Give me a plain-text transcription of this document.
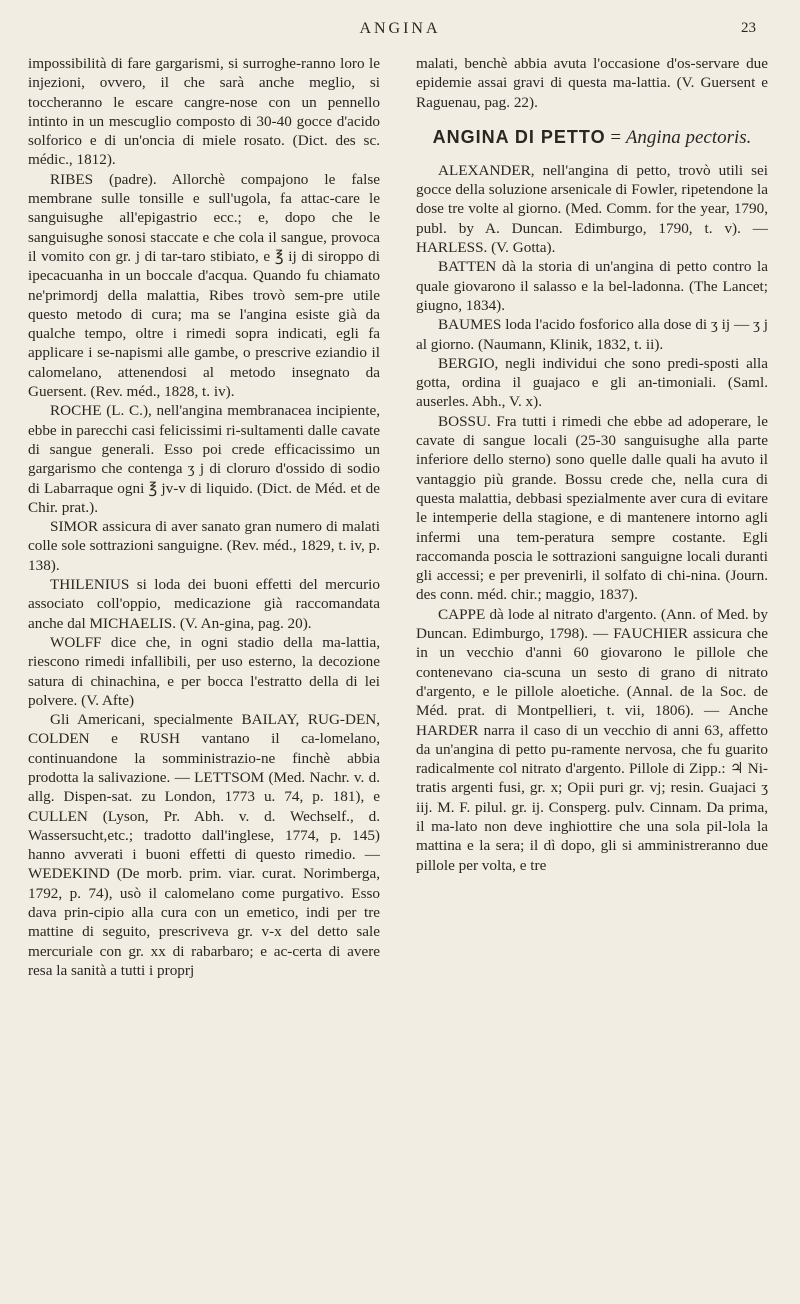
ANGINA	23

impossibilità di fare gargarismi, si surroghe-ranno loro le injezioni, ovvero, il che sarà anche meglio, si toccheranno le escare cangre-nose con un pennello intinto in un mescuglio composto di 30-40 gocce d'acido solforico e di un'oncia di miele rosato. (Dict. des sc. médic., 1812).

RIBES (padre). Allorchè compajono le false membrane sulle tonsille e sull'ugola, fa attac-care le sanguisughe all'epigastrio ecc.; e, dopo che le sanguisughe sonosi staccate e che cola il sangue, provoca il vomito con gr. j di tar-taro stibiato, e ℥ ij di siroppo di ipecacuanha in un boccale d'acqua. Quando fu chiamato ne'primordj della malattia, Ribes trovò sem-pre utile questo metodo di cura; ma se l'angina esiste già da qualche tempo, oltre i rimedi sopra indicati, egli fa applicare i se-napismi alle gambe, o prescrive eziandio il calomelano, attenendosi al metodo insegnato da Guersent. (Rev. méd., 1828, t. iv).

ROCHE (L. C.), nell'angina membranacea incipiente, ebbe in parecchi casi felicissimi ri-sultamenti dalle cavate di sangue generali. Esso poi crede efficacissimo un gargarismo che contenga ʒ j di clorurо d'ossido di sodio di Labarraque ogni ℥ jv-v di liquido. (Dict. de Méd. et de Chir. prat.).

SIMOR assicura di aver sanato gran numero di malati colle sole sottrazioni sanguigne. (Rev. méd., 1829, t. iv, p. 138).

THILENIUS si loda dei buoni effetti del mercurio associato coll'oppio, medicazione già raccomandata anche dal MICHAELIS. (V. An-gina, pag. 20).

WOLFF dice che, in ogni stadio della ma-lattia, riescono rimedi infallibili, per uso esterno, la decozione satura di chinachina, e per bocca l'estratto della di lei polvere. (V. Afte)

Gli Americani, specialmente BAILAY, RUG-DEN, COLDEN e RUSH vantano il ca-lomelano, continuandone la somministrazio-ne finchè abbia prodotta la salivazione. — LETTSOM (Med. Nachr. v. d. allg. Dispen-sat. zu London, 1773 u. 74, p. 181), e CULLEN (Lyson, Pr. Abh. v. d. Wechself., d. Wassersucht,etc.; tradotto dall'inglese, 1774, p. 145) hanno avverati i buoni effetti di questo rimedio. — WEDEKIND (De morb. prim. viar. curat. Norimberga, 1792, p. 74), usò il calomelano come purgativo. Esso dava prin-cipio alla cura con un emetico, indi per tre mattine di seguito, prescriveva gr. v-x del detto sale mercuriale con gr. xx di rabarbaro; e ac-certa di avere resa la sanità a tutti i proprj

malati, benchè abbia avuta l'occasione d'os-servare due epidemie assai gravi di questa ma-lattia. (V. Guersent e Raguenau, pag. 22).

ANGINA DI PETTO = Angina pectoris.

ALEXANDER, nell'angina di petto, trovò utili sei gocce della soluzione arsenicale di Fowler, ripetendone la dose tre volte al giorno. (Med. Comm. for the year, 1790, publ. by A. Duncan. Edimburgo, 1790, t. v). — HARLESS. (V. Gotta).

BATTEN dà la storia di un'angina di petto contro la quale giovarono il salasso e la bel-ladonna. (The Lancet; giugno, 1834).

BAUMES loda l'acido fosforico alla dose di ʒ ij — ʒ j al giorno. (Naumann, Klinik, 1832, t. ii).

BERGIO, negli individui che sono predi-sposti alla gotta, ordina il guajaco e gli an-timoniali. (Saml. auserles. Abh., V. x).

BOSSU. Fra tutti i rimedi che ebbe ad adoperare, le cavate di sangue locali (25-30 sanguisughe alla parte inferiore dello sterno) sono quelle dalle quali ha avuto il vantaggio più grande. Bossu crede che, nella cura di questa malattia, debbasi spezialmente aver cura di evitare le intemperie della stagione, e di mantenere intorno agli infermi una tem-peratura sempre costante. Egli raccomanda poscia le sottrazioni sanguigne locali duranti gli accessi; e per prevenirli, il solfato di chi-nina. (Journ. des conn. méd. chir.; maggio, 1837).

CAPPE dà lode al nitrato d'argento. (Ann. of Med. by Duncan. Edimburgo, 1798). — FAUCHIER assicura che in un vecchio d'anni 60 giovarono le pillole che contenevano cia-scuna un sesto di grano di nitrato d'argento, e le pillole aloetiche. (Annal. de la Soc. de Méd. prat. di Montpellieri, t. vii, 1806). — Anche HARDER narra il caso di un vecchio di anni 63, affetto da un'angina di petto pu-ramente nervosa, che fu guarito radicalmente col nitrato d'argento. Pillole di Zipp.: ♃ Ni-tratis argenti fusi, gr. x; Opii puri gr. vj; resin. Guajaci ʒ iij. M. F. pilul. gr. ij. Consperg. pulv. Cinnam. Da prima, il ma-lato non deve inghiottire che una sola pil-lola la mattina e la sera; il dì dopo, gli si amministreranno due pillole per volta, e tre
